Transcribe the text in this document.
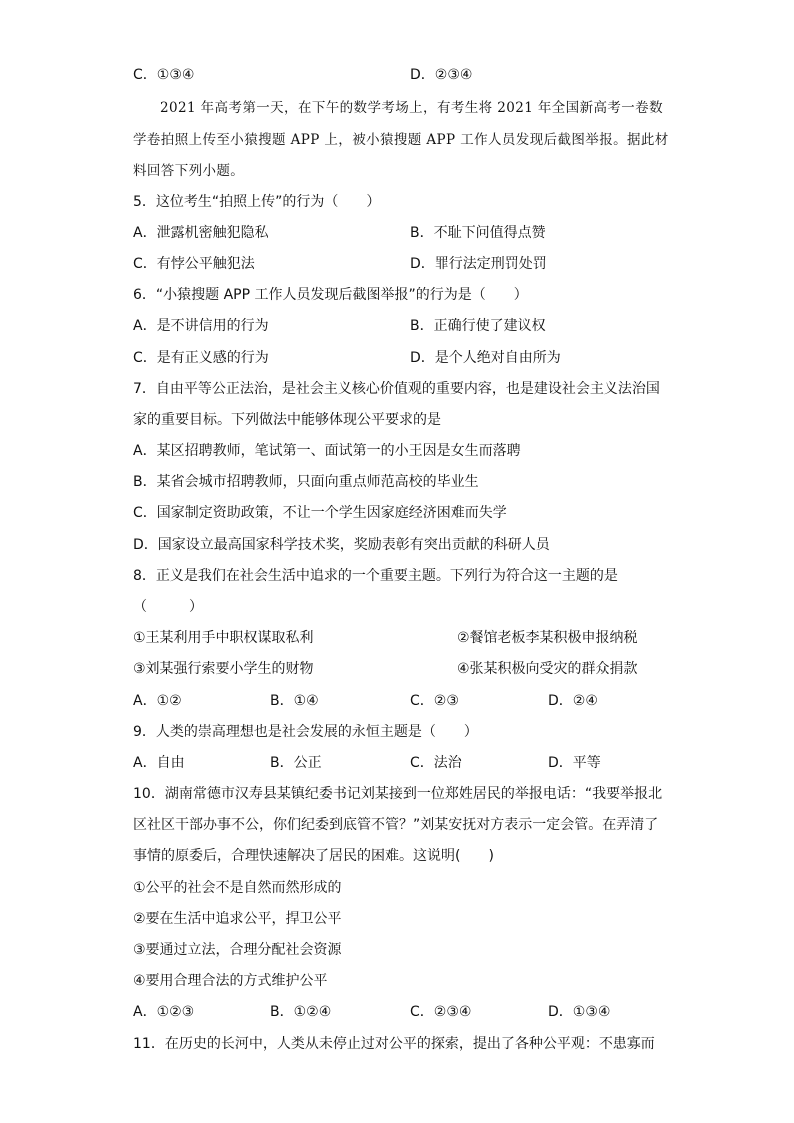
C．①③④	D．②③④
2021 年高考第一天，在下午的数学考场上，有考生将 2021 年全国新高考一卷数
学卷拍照上传至小猿搜题 APP 上，被小猿搜题 APP 工作人员发现后截图举报。据此材
料回答下列小题。
5．这位考生“拍照上传”的行为（　　）
A．泄露机密触犯隐私	B．不耻下问值得点赞
C．有悖公平触犯法	D．罪行法定刑罚处罚
6．“小猿搜题 APP 工作人员发现后截图举报”的行为是（　　）
A．是不讲信用的行为	B．正确行使了建议权
C．是有正义感的行为	D．是个人绝对自由所为
7．自由平等公正法治，是社会主义核心价值观的重要内容，也是建设社会主义法治国
家的重要目标。下列做法中能够体现公平要求的是
A．某区招聘教师，笔试第一、面试第一的小王因是女生而落聘
B．某省会城市招聘教师，只面向重点师范高校的毕业生
C．国家制定资助政策，不让一个学生因家庭经济困难而失学
D．国家设立最高国家科学技术奖，奖励表彰有突出贡献的科研人员
8．正义是我们在社会生活中追求的一个重要主题。下列行为符合这一主题的是
（　　　）
①王某利用手中职权谋取私利	②餐馆老板李某积极申报纳税
③刘某强行索要小学生的财物	④张某积极向受灾的群众捐款
A．①②	B．①④	C．②③	D．②④
9．人类的崇高理想也是社会发展的永恒主题是（　　）
A．自由	B．公正	C．法治	D．平等
10．湖南常德市汉寿县某镇纪委书记刘某接到一位郑姓居民的举报电话：“我要举报北
区社区干部办事不公，你们纪委到底管不管？”刘某安抚对方表示一定会管。在弄清了
事情的原委后，合理快速解决了居民的困难。这说明(　　)
①公平的社会不是自然而然形成的
②要在生活中追求公平，捍卫公平
③要通过立法，合理分配社会资源
④要用合理合法的方式维护公平
A．①②③	B．①②④	C．②③④	D．①③④
11．在历史的长河中，人类从未停止过对公平的探索，提出了各种公平观：不患寡而
